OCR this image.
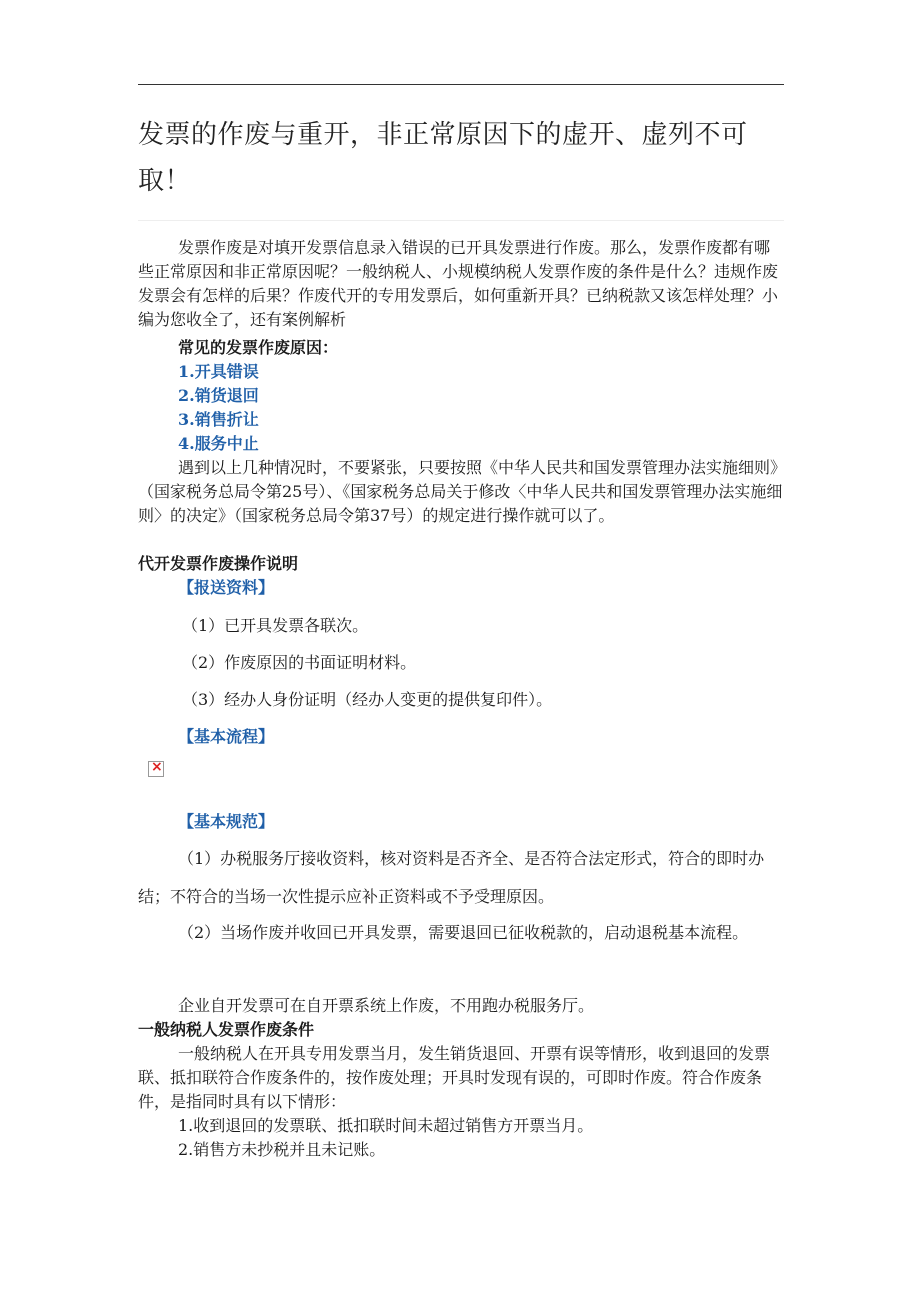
发票的作废与重开，非正常原因下的虚开、虚列不可取！
发票作废是对填开发票信息录入错误的已开具发票进行作废。那么，发票作废都有哪些正常原因和非正常原因呢？一般纳税人、小规模纳税人发票作废的条件是什么？违规作废发票会有怎样的后果？作废代开的专用发票后，如何重新开具？已纳税款又该怎样处理？小编为您收全了，还有案例解析
常见的发票作废原因：
1.开具错误
2.销货退回
3.销售折让
4.服务中止
遇到以上几种情况时，不要紧张，只要按照《中华人民共和国发票管理办法实施细则》（国家税务总局令第25号）、《国家税务总局关于修改〈中华人民共和国发票管理办法实施细则〉的决定》（国家税务总局令第37号）的规定进行操作就可以了。
代开发票作废操作说明
【报送资料】
（1）已开具发票各联次。
（2）作废原因的书面证明材料。
（3）经办人身份证明（经办人变更的提供复印件）。
【基本流程】
×
【基本规范】
（1）办税服务厅接收资料，核对资料是否齐全、是否符合法定形式，符合的即时办结；不符合的当场一次性提示应补正资料或不予受理原因。
（2）当场作废并收回已开具发票，需要退回已征收税款的，启动退税基本流程。
企业自开发票可在自开票系统上作废，不用跑办税服务厅。
一般纳税人发票作废条件
一般纳税人在开具专用发票当月，发生销货退回、开票有误等情形，收到退回的发票联、抵扣联符合作废条件的，按作废处理；开具时发现有误的，可即时作废。符合作废条件，是指同时具有以下情形：
1.收到退回的发票联、抵扣联时间未超过销售方开票当月。
2.销售方未抄税并且未记账。
